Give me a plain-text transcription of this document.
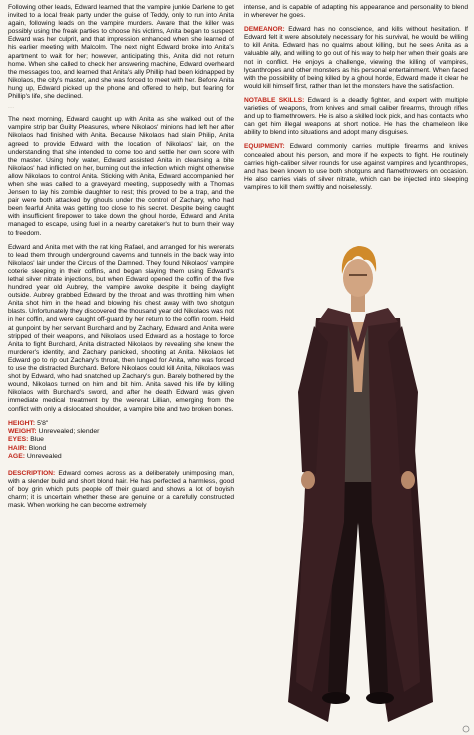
Following other leads, Edward learned that the vampire junkie Darlene to get invited to a local freak party under the guise of Teddy, only to run into Anita again, following leads on the vampire murders. Aware that the killer was possibly using the freak parties to choose his victims, Anita began to suspect Edward was her culprit, and that impression enhanced when she learned of his earlier meeting with Malcolm. The next night Edward broke into Anita's apartment to wait for her; however, anticipating this, Anita did not return home. When she called to check her answering machine, Edward overheard the messages too, and learned that Anita's ally Phillip had been kidnapped by Nikolaos, the city's master, and she was forced to meet with her. Before Anita hung up, Edward picked up the phone and offered to help, but fearing for Phillip's life, she declined.

...

The next morning, Edward caught up with Anita as she walked out of the vampire strip bar Guilty Pleasures, where Nikolaos' minions had left her after Nikolaos had finished with Anita. Because Nikolaos had slain Philip, Anita agreed to provide Edward with the location of Nikolaos' lair, on the understanding that she intended to come too and settle her own score with the master. Using holy water, Edward assisted Anita in cleansing a bite Nikolaos' had inflicted on her, burning out the infection which might otherwise allow Nikolaos to control Anita. Sticking with Anita, Edward accompanied her when she was called to a graveyard meeting, supposedly with a Thomas Jensen to lay his zombie daughter to rest; this proved to be a trap, and the pair were both attacked by ghouls under the control of Zachary, who had been fearful Anita was getting too close to his secret. Despite being caught with insufficient firepower to take down the ghoul horde, Edward and Anita managed to escape, using fuel in a nearby caretaker's hut to burn their way to freedom.

Edward and Anita met with the rat king Rafael, and arranged for his wererats to lead them through underground caverns and tunnels in the back way into Nikolaos' lair under the Circus of the Damned. They found Nikolaos' vampire coterie sleeping in their coffins, and began slaying them using Edward's lethal silver nitrate injections, but when Edward opened the coffin of the five hundred year old Aubrey, the vampire awoke despite it being daylight outside. Aubrey grabbed Edward by the throat and was throttling him when Anita shot him in the head and blowing his chest away with two shotgun blasts. Unfortunately they discovered the thousand year old Nikolaos was not in her coffin, and were caught off-guard by her return to the coffin room. Held at gunpoint by her servant Burchard and by Zachary, Edward and Anita were stripped of their weapons, and Nikolaos used Edward as a hostage to force Anita to fight Burchard, Anita distracted Nikolaos by revealing she knew the murderer's identity, and Zachary panicked, shooting at Anita. Nikolaos let Edward go to rip out Zachary's throat, then lunged for Anita, who was forced to use the distracted Burchard. Before Nikolaos could kill Anita, Nikolaos was shot by Edward, who had snatched up Zachary's gun. Barely bothered by the wound, Nikolaos turned on him and bit him. Anita saved his life by killing Nikolaos with Burchard's sword, and after he death Edward was given immediate medical treatment by the wererat Lillian, emerging from the conflict with only a dislocated shoulder, a vampire bite and two broken bones.

HEIGHT: 5'8"
WEIGHT: Unrevealed; slender
EYES: Blue
HAIR: Blond
AGE: Unrevealed

DESCRIPTION: Edward comes across as a deliberately unimposing man, with a slender build and short blond hair. He has perfected a harmless, good ol' boy grin which puts people off their guard and shows a lot of boyish charm; it is uncertain whether these are genuine or a carefully constructed mask. When working he can become extremely

intense, and is capable of adapting his appearance and personality to blend in wherever he goes.

DEMEANOR: Edward has no conscience, and kills without hesitation. If Edward felt it were absolutely necessary for his survival, he would be willing to kill Anita. Edward has no qualms about killing, but he sees Anita as a valuable ally, and willing to go out of his way to help her when their goals are not in conflict. He enjoys a challenge, viewing the killing of vampires, lycanthropes and other monsters as his personal entertainment. When faced with the possibility of being killed by a ghoul horde, Edward made it clear he would kill himself first, rather than let the monsters have the satisfaction.

NOTABLE SKILLS: Edward is a deadly fighter, and expert with multiple varieties of weapons, from knives and small caliber firearms, through rifles and up to flamethrowers. He is also a skilled lock pick, and has contacts who can get him illegal weapons at short notice. He has the chameleon like ability to blend into situations and adopt many disguises.

EQUIPMENT: Edward commonly carries multiple firearms and knives concealed about his person, and more if he expects to fight. He routinely carries high-caliber silver rounds for use against vampires and lycanthropes, and has been known to use both shotguns and flamethrowers on occasion. He also carries vials of silver nitrate, which can be injected into sleeping vampires to kill them swiftly and noiselessly.
